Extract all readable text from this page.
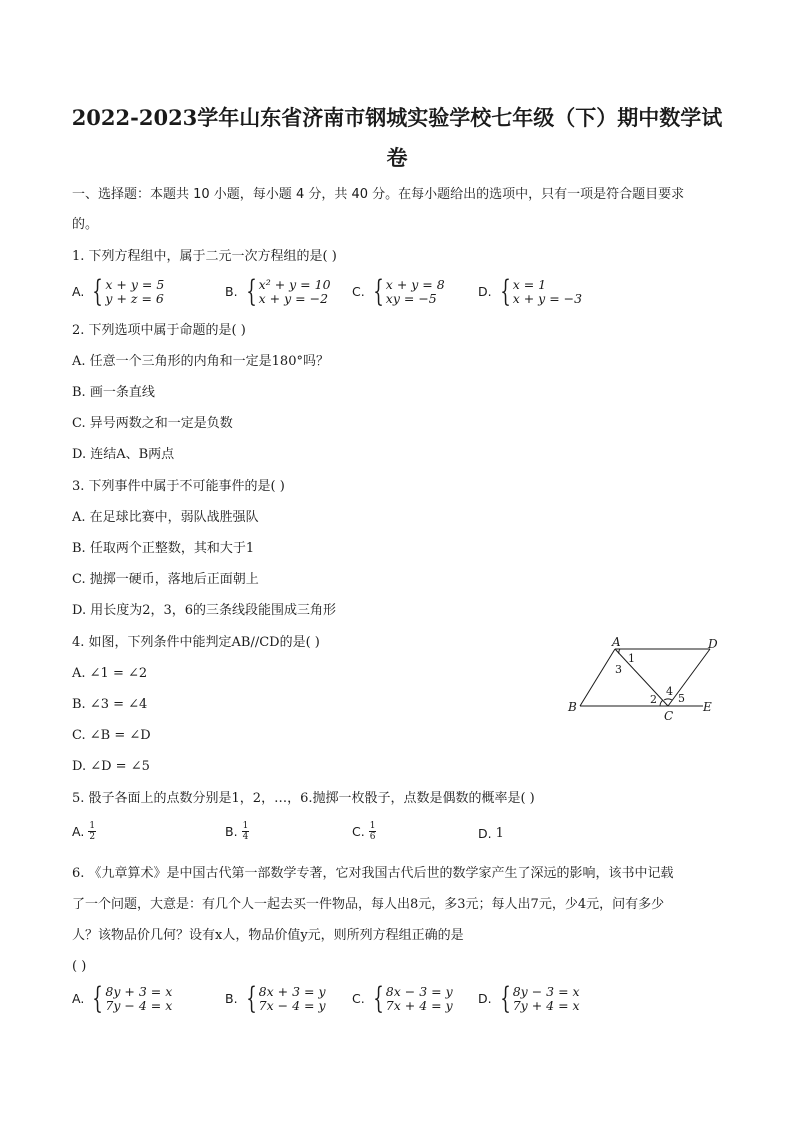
2022-2023学年山东省济南市钢城实验学校七年级（下）期中数学试
卷
一、选择题：本题共 10 小题，每小题 4 分，共 40 分。在每小题给出的选项中，只有一项是符合题目要求
的。
1. 下列方程组中，属于二元一次方程组的是( )
A. { x + y = 5
y + z = 6	B. { x² + y = 10
x + y = −2 C. { x + y = 8
xy = −5	D. { x = 1
x + y = −3
2. 下列选项中属于命题的是( )
A. 任意一个三角形的内角和一定是180°吗？
B. 画一条直线
C. 异号两数之和一定是负数
D. 连结A、B两点
3. 下列事件中属于不可能事件的是( )
A. 在足球比赛中，弱队战胜强队
B. 任取两个正整数，其和大于1
C. 抛掷一硬币，落地后正面朝上
D. 用长度为2，3，6的三条线段能围成三角形
4. 如图，下列条件中能判定AB//CD的是( )
A. ∠1 = ∠2
B. ∠3 = ∠4
C. ∠B = ∠D
D. ∠D = ∠5
A
B
C
D
E
1
2
3
4
5
5. 骰子各面上的点数分别是1，2，…，6.抛掷一枚骰子，点数是偶数的概率是( )
A. $\frac{1}{2}$	B. $\frac{1}{4}$	C. $\frac{1}{6}$	D. 1
6. 《九章算术》是中国古代第一部数学专著，它对我国古代后世的数学家产生了深远的影响，该书中记载
了一个问题，大意是：有几个人一起去买一件物品，每人出8元，多3元；每人出7元，少4元，问有多少
人？该物品价几何？设有x人，物品价值y元，则所列方程组正确的是
( )
A. { 8y + 3 = x
7y − 4 = x	B. { 8x + 3 = y
7x − 4 = y C. { 8x − 3 = y
7x + 4 = y D. { 8y − 3 = x
7y + 4 = x
